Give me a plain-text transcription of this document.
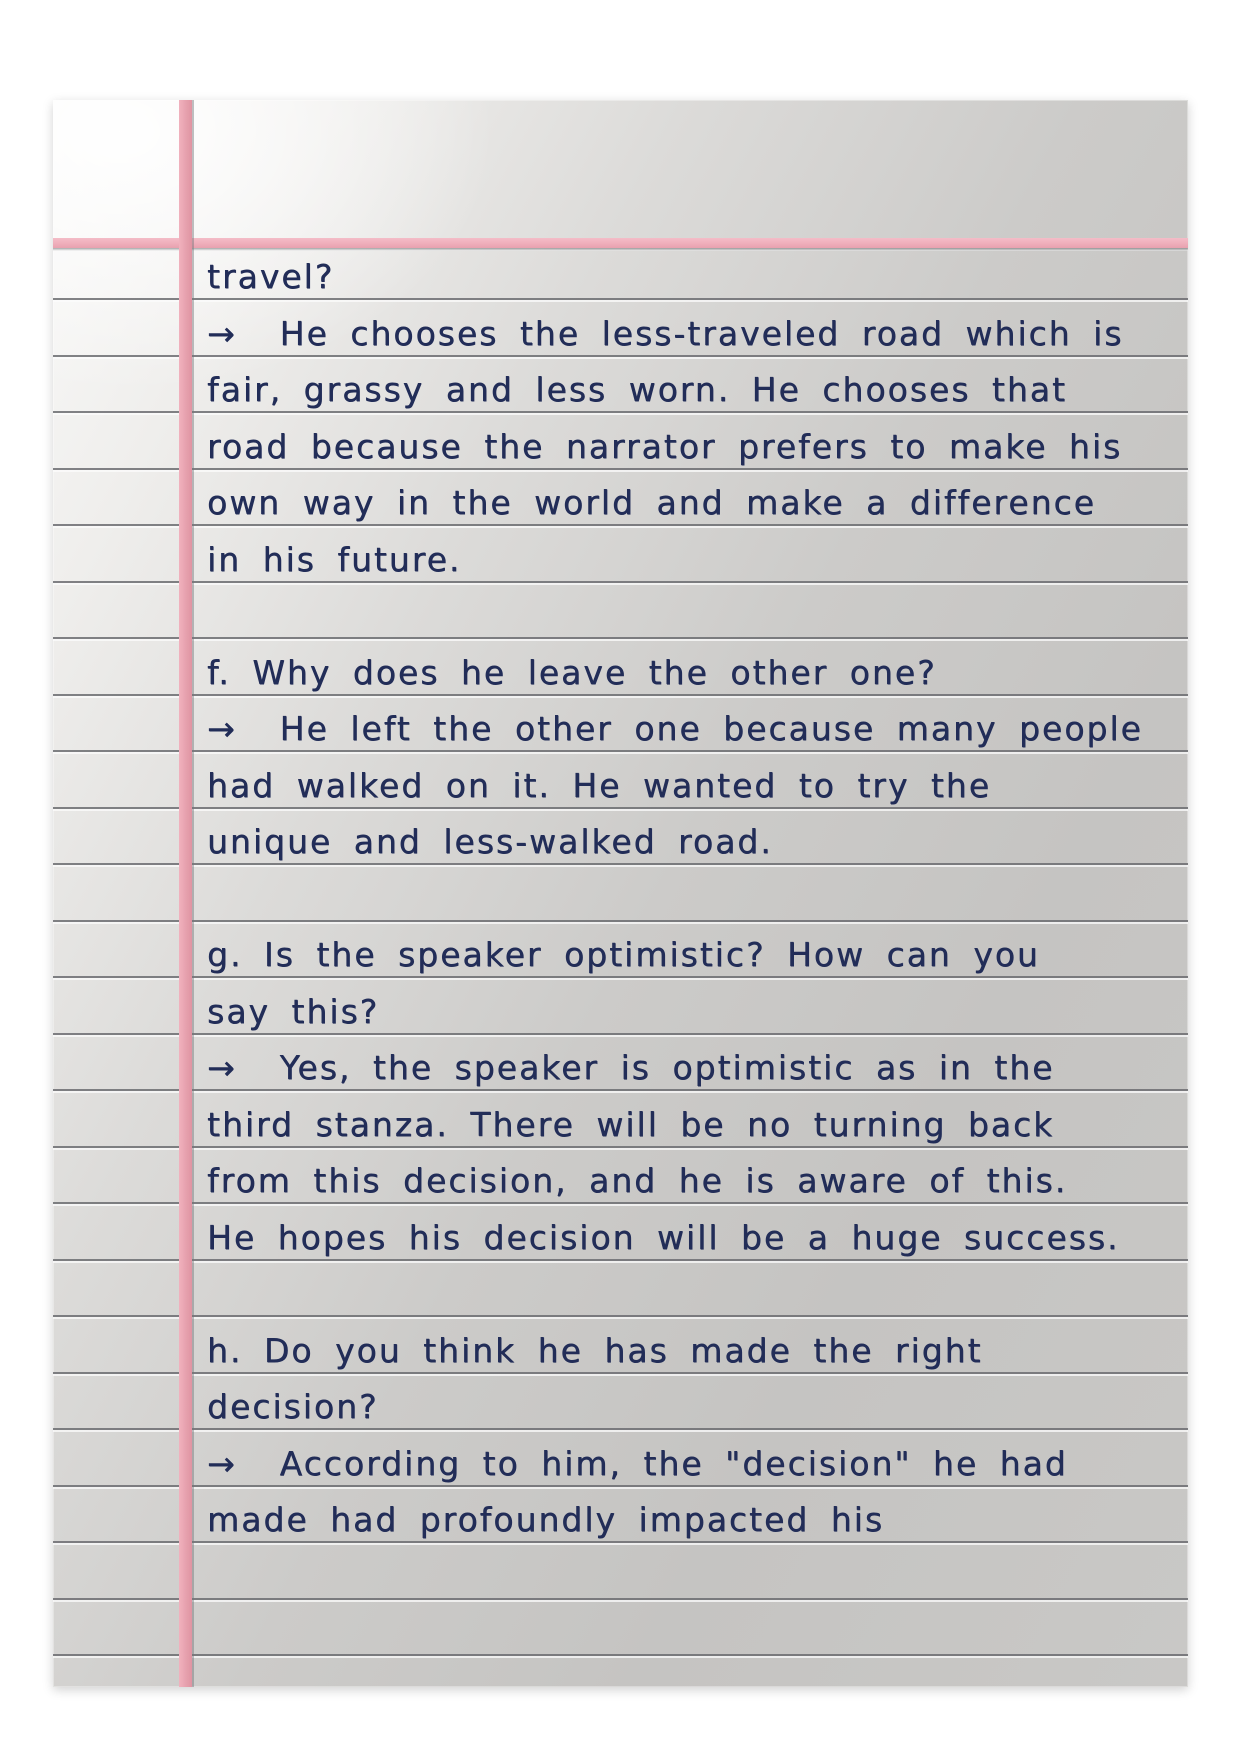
travel?
→  He chooses the less-traveled road which is
fair, grassy and less worn. He chooses that
road because the narrator prefers to make his
own way in the world and make a difference
in his future.
f. Why does he leave the other one?
→  He left the other one because many people
had walked on it. He wanted to try the
unique and less-walked road.
g. Is the speaker optimistic? How can you
say this?
→  Yes, the speaker is optimistic as in the
third stanza. There will be no turning back
from this decision, and he is aware of this.
He hopes his decision will be a huge success.
h. Do you think he has made the right
decision?
→  According to him, the "decision" he had
made had profoundly impacted his
